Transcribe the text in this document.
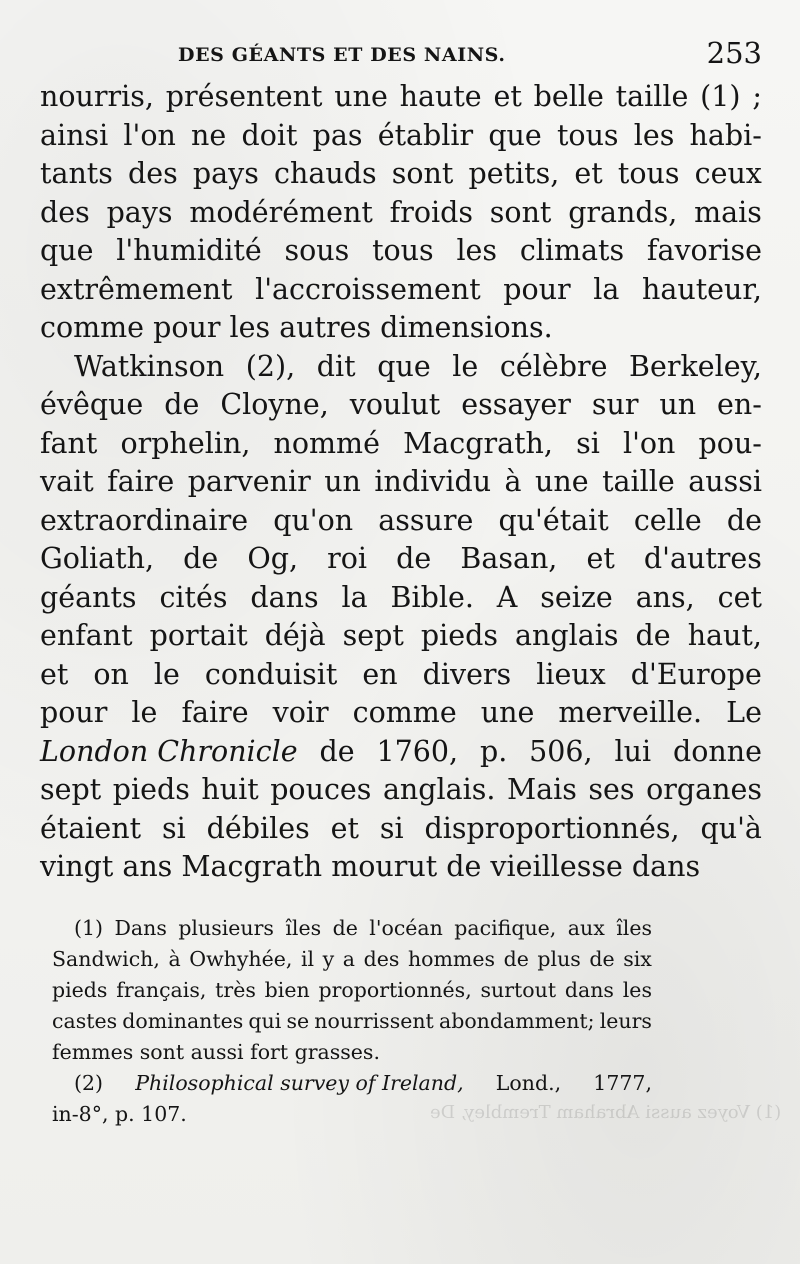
DES GÉANTS ET DES NAINS.	253
nourris, présentent une haute et belle taille (1) ;
ainsi l'on ne doit pas établir que tous les habi-
tants des pays chauds sont petits, et tous ceux
des pays modérément froids sont grands, mais
que l'humidité sous tous les climats favorise
extrêmement l'accroissement pour la hauteur,
comme pour les autres dimensions.
Watkinson (2), dit que le célèbre Berkeley,
évêque de Cloyne, voulut essayer sur un en-
fant orphelin, nommé Macgrath, si l'on pou-
vait faire parvenir un individu à une taille aussi
extraordinaire qu'on assure qu'était celle de
Goliath, de Og, roi de Basan, et d'autres
géants cités dans la Bible. A seize ans, cet
enfant portait déjà sept pieds anglais de haut,
et on le conduisit en divers lieux d'Europe
pour le faire voir comme une merveille. Le
London Chronicle de 1760, p. 506, lui donne
sept pieds huit pouces anglais. Mais ses organes
étaient si débiles et si disproportionnés, qu'à
vingt ans Macgrath mourut de vieillesse dans
(1) Dans plusieurs îles de l'océan pacifique, aux îles
Sandwich, à Owhyhée, il y a des hommes de plus de six
pieds français, très bien proportionnés, surtout dans les
castes dominantes qui se nourrissent abondamment; leurs
femmes sont aussi fort grasses.
(2) Philosophical survey of Ireland, Lond., 1777,
in-8°, p. 107.	(1) Voyez aussi Abraham Trembley, De
